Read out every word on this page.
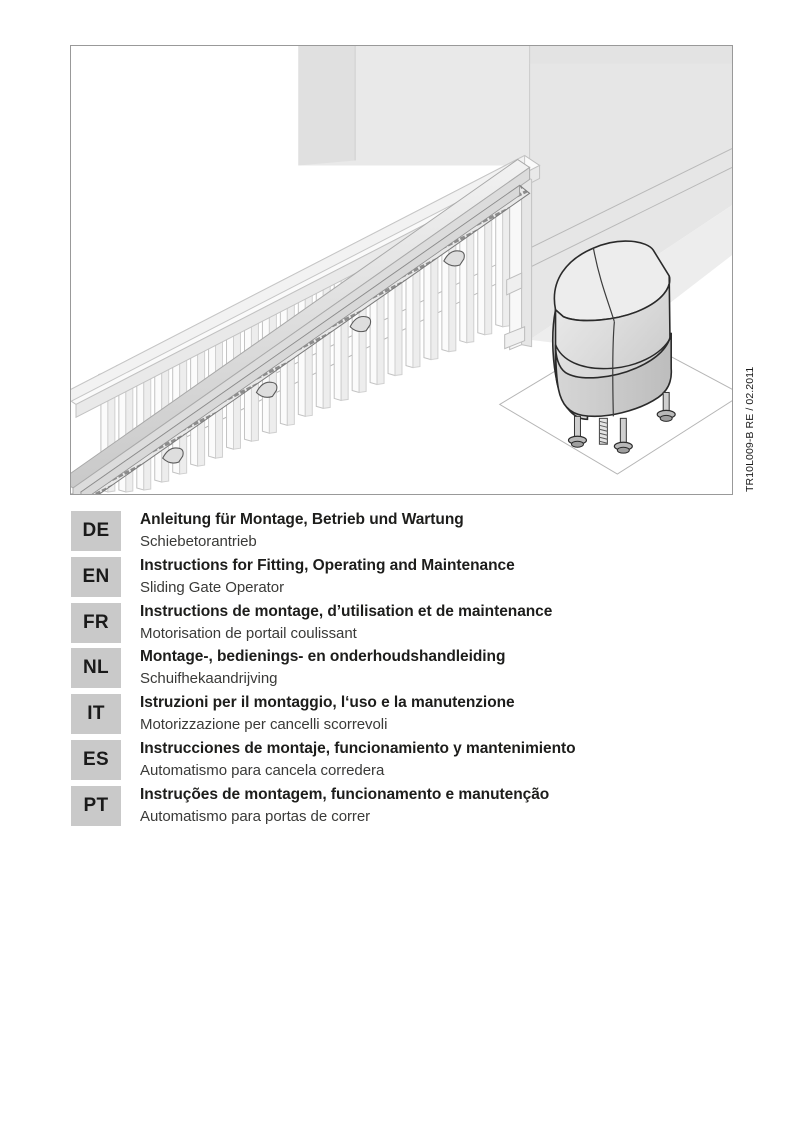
TR10L009-B RE / 02.2011
DE
Anleitung für Montage, Betrieb und Wartung
Schiebetorantrieb
EN
Instructions for Fitting, Operating and Maintenance
Sliding Gate Operator
FR
Instructions de montage, d’utilisation et de maintenance
Motorisation de portail coulissant
NL
Montage-, bedienings- en onderhoudshandleiding
Schuifhekaandrijving
IT
Istruzioni per il montaggio, l‘uso e la manutenzione
Motorizzazione per cancelli scorrevoli
ES
Instrucciones de montaje, funcionamiento y mantenimiento
Automatismo para cancela corredera
PT
Instruções de montagem, funcionamento e manutenção
Automatismo para portas de correr
